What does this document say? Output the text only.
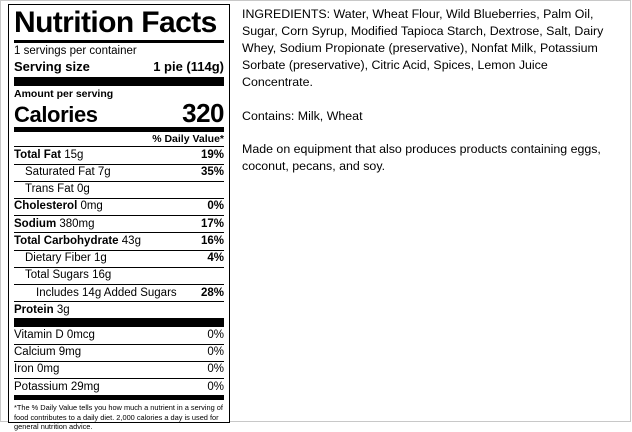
Nutrition Facts
1 servings per container
Serving size	1 pie (114g)
Amount per serving
Calories	320
% Daily Value*
Total Fat 15g	19%
Saturated Fat 7g	35%
Trans Fat 0g
Cholesterol 0mg	0%
Sodium 380mg	17%
Total Carbohydrate 43g	16%
Dietary Fiber 1g	4%
Total Sugars 16g
Includes 14g Added Sugars 28%
Protein 3g
Vitamin D 0mcg	0%
Calcium 9mg	0%
Iron 0mg	0%
Potassium 29mg	0%
*The % Daily Value tells you how much a nutrient in a serving of food contributes to a daily diet. 2,000 calories a day is used for general nutrition advice.

INGREDIENTS: Water, Wheat Flour, Wild Blueberries, Palm Oil, Sugar, Corn Syrup, Modified Tapioca Starch, Dextrose, Salt, Dairy Whey, Sodium Propionate (preservative), Nonfat Milk, Potassium Sorbate (preservative), Citric Acid, Spices, Lemon Juice Concentrate.

Contains: Milk, Wheat

Made on equipment that also produces products containing eggs, coconut, pecans, and soy.
